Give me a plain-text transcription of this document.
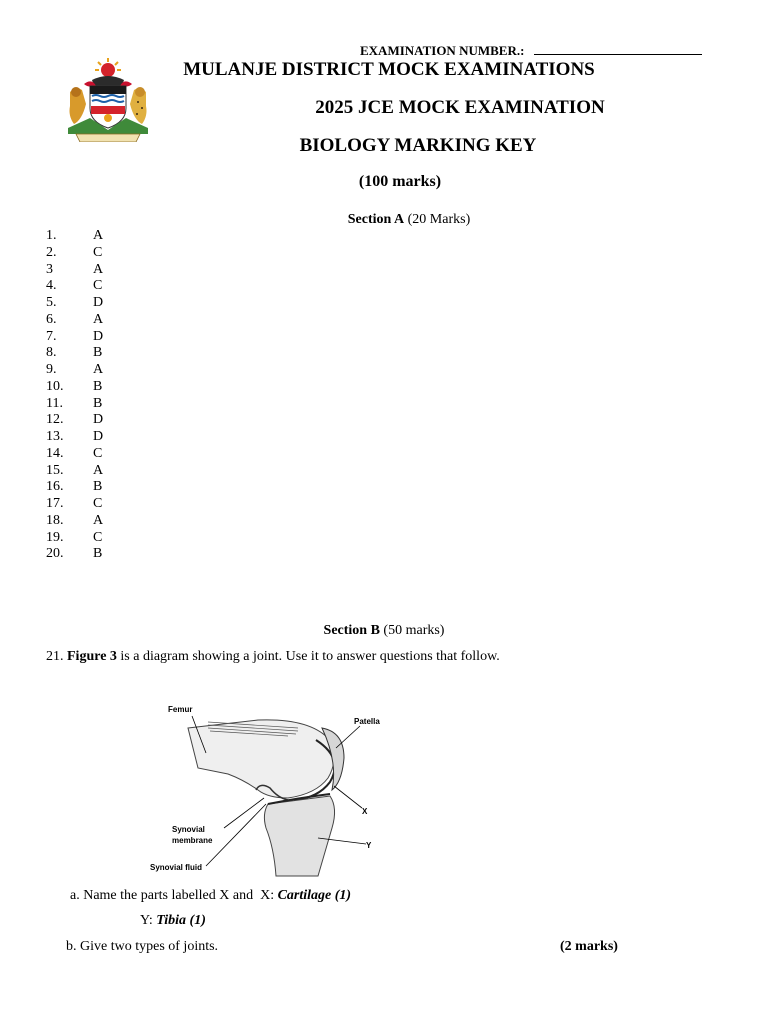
EXAMINATION NUMBER.:
MULANJE DISTRICT MOCK EXAMINATIONS
2025 JCE MOCK EXAMINATION
BIOLOGY MARKING KEY
(100 marks)
Section A (20 Marks)
1.	A
2.	C
3	A
4.	C
5.	D
6.	A
7.	D
8.	B
9.	A
10.	B
11.	B
12.	D
13.	D
14.	C
15.	A
16.	B
17.	C
18.	A
19.	C
20.	B
Section B (50 marks)
21. Figure 3 is a diagram showing a joint. Use it to answer questions that follow.
Femur
Patella
X
Y
Synovial
membrane
Synovial fluid
a. Name the parts labelled X and X: Cartilage (1)
Y: Tibia (1)
b. Give two types of joints.	(2 marks)
